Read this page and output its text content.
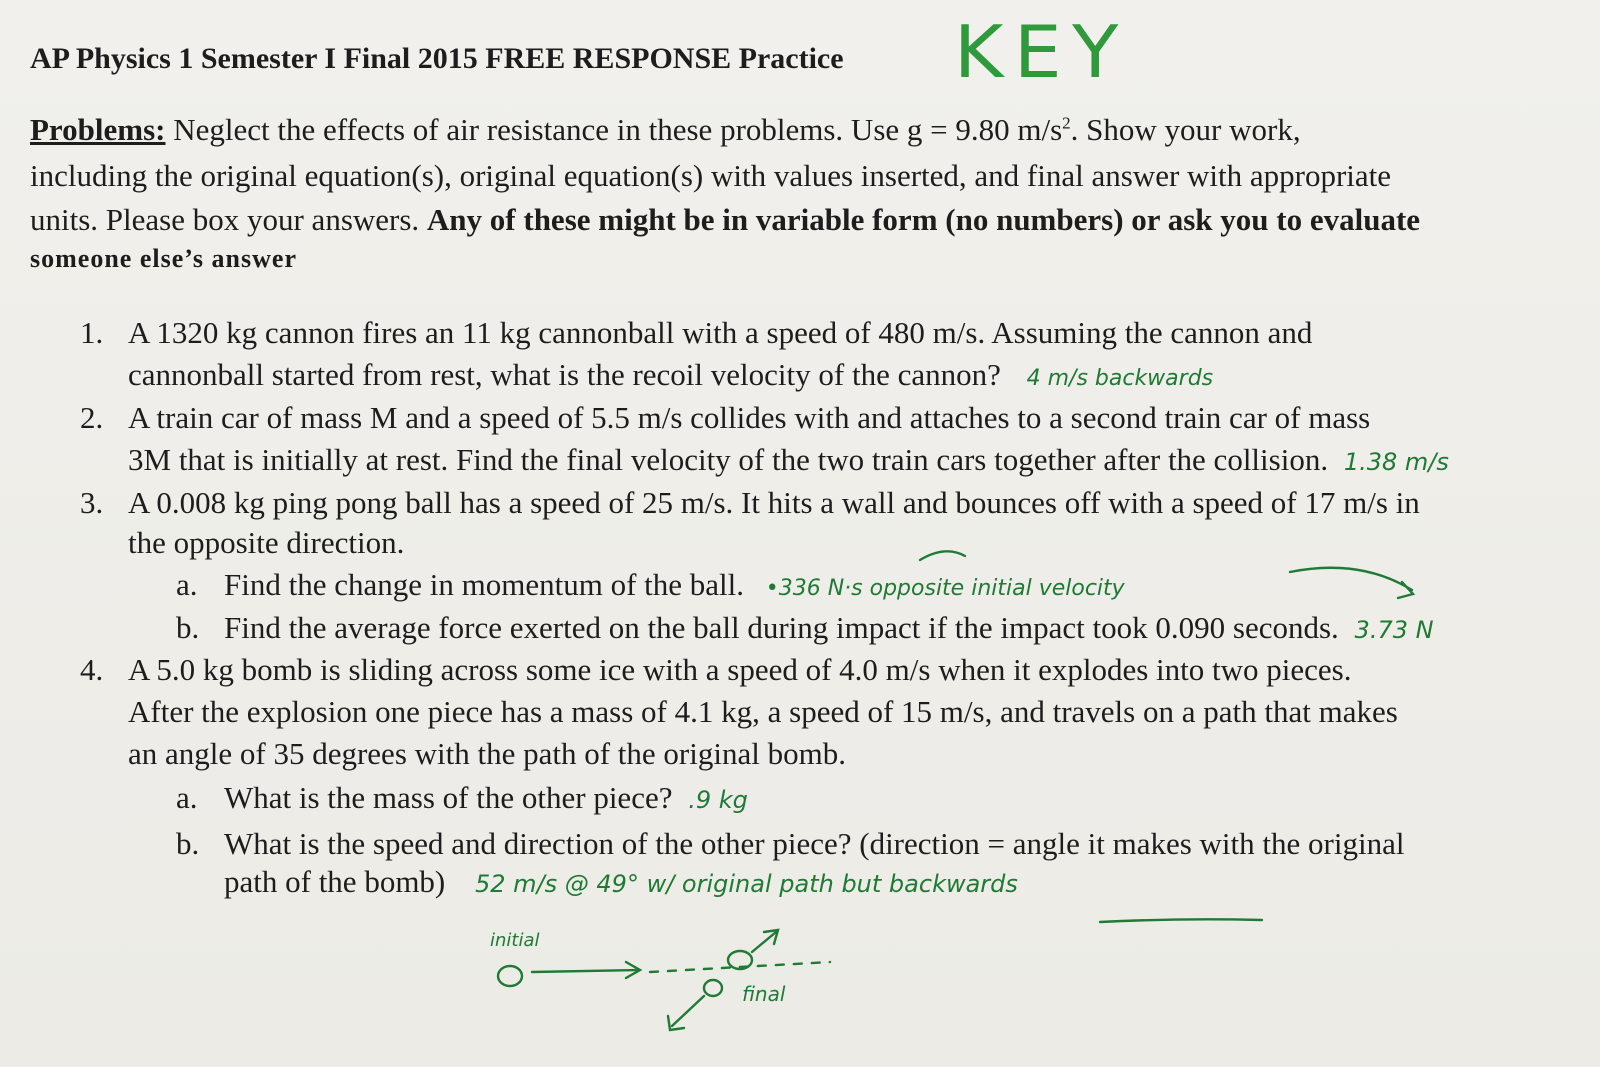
AP Physics 1 Semester I Final 2015 FREE RESPONSE Practice KEY
Problems: Neglect the effects of air resistance in these problems. Use g = 9.80 $m/s^2$. Show your work,
including the original equation(s), original equation(s) with values inserted, and final answer with appropriate
units. Please box your answers. Any of these might be in variable form (no numbers) or ask you to evaluate
someone else’s answer
1. A 1320 kg cannon fires an 11 kg cannonball with a speed of 480 m/s. Assuming the cannon and
cannonball started from rest, what is the recoil velocity of the cannon? 4 m/s backwards
2. A train car of mass M and a speed of 5.5 m/s collides with and attaches to a second train car of mass
3M that is initially at rest. Find the final velocity of the two train cars together after the collision. 1.38 m/s
3. A 0.008 kg ping pong ball has a speed of 25 m/s. It hits a wall and bounces off with a speed of 17 m/s in
the opposite direction.
a. Find the change in momentum of the ball. •336 N·s opposite initial velocity
b. Find the average force exerted on the ball during impact if the impact took 0.090 seconds. 3.73 N
4. A 5.0 kg bomb is sliding across some ice with a speed of 4.0 m/s when it explodes into two pieces.
After the explosion one piece has a mass of 4.1 kg, a speed of 15 m/s, and travels on a path that makes
an angle of 35 degrees with the path of the original bomb.
a. What is the mass of the other piece? .9 kg
b. What is the speed and direction of the other piece? (direction = angle it makes with the original
path of the bomb) 52 m/s @ 49° w/ original path but backwards
initial
final
